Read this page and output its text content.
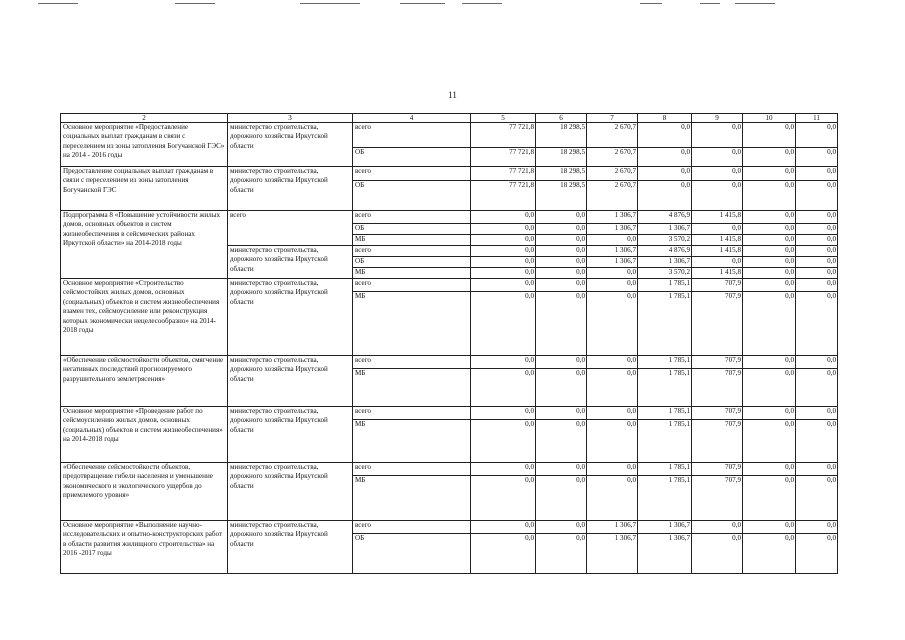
11
2	3	4	5	6	7	8	9	10	11
Основное мероприятие «Предоставление социальных выплат гражданам в связи с переселением из зоны затопления Богучанской ГЭС» на 2014 - 2016 годы	министерство строительства, дорожного хозяйства Иркутской области	всего	77 721,8	18 298,5	2 670,7	0,0	0,0	0,0	0,0
		ОБ	77 721,8	18 298,5	2 670,7	0,0	0,0	0,0	0,0
Предоставление социальных выплат гражданам в связи с переселением из зоны затопления Богучанской ГЭС	министерство строительства, дорожного хозяйства Иркутской области	всего	77 721,8	18 298,5	2 670,7	0,0	0,0	0,0	0,0
		ОБ	77 721,8	18 298,5	2 670,7	0,0	0,0	0,0	0,0
Подпрограмма 8 «Повышение устойчивости жилых домов, основных объектов и систем жизнеобеспечения в сейсмических районах Иркутской области» на 2014-2018 годы	всего	всего	0,0	0,0	1 306,7	4 876,9	1 415,8	0,0	0,0
		ОБ	0,0	0,0	1 306,7	1 306,7	0,0	0,0	0,0
		МБ	0,0	0,0	0,0	3 570,2	1 415,8	0,0	0,0
	министерство строительства, дорожного хозяйства Иркутской области	всего	0,0	0,0	1 306,7	4 876,9	1 415,8	0,0	0,0
		ОБ	0,0	0,0	1 306,7	1 306,7	0,0	0,0	0,0
		МБ	0,0	0,0	0,0	3 570,2	1 415,8	0,0	0,0
Основное мероприятие «Строительство сейсмостойких жилых домов, основных (социальных) объектов и систем жизнеобеспечения взамен тех, сейсмоусиление или реконструкция которых экономически нецелесообразно» на 2014-2018 годы	министерство строительства, дорожного хозяйства Иркутской области	всего	0,0	0,0	0,0	1 785,1	707,9	0,0	0,0
		МБ	0,0	0,0	0,0	1 785,1	707,9	0,0	0,0
«Обеспечение сейсмостойкости объектов, смягчение негативных последствий прогнозируемого разрушительного землетрясения»	министерство строительства, дорожного хозяйства Иркутской области	всего	0,0	0,0	0,0	1 785,1	707,9	0,0	0,0
		МБ	0,0	0,0	0,0	1 785,1	707,9	0,0	0,0
Основное мероприятие «Проведение работ по сейсмоусилению жилых домов, основных (социальных) объектов и систем жизнеобеспечения» на 2014-2018 годы	министерство строительства, дорожного хозяйства Иркутской области	всего	0,0	0,0	0,0	1 785,1	707,9	0,0	0,0
		МБ	0,0	0,0	0,0	1 785,1	707,9	0,0	0,0
«Обеспечение сейсмостойкости объектов, предотвращение гибели населения и уменьшение экономического и экологического ущербов до приемлемого уровня»	министерство строительства, дорожного хозяйства Иркутской области	всего	0,0	0,0	0,0	1 785,1	707,9	0,0	0,0
		МБ	0,0	0,0	0,0	1 785,1	707,9	0,0	0,0
Основное мероприятие «Выполнение научно-исследовательских и опытно-конструкторских работ в области развития жилищного строительства» на 2016 -2017 годы	министерство строительства, дорожного хозяйства Иркутской области	всего	0,0	0,0	1 306,7	1 306,7	0,0	0,0	0,0
		ОБ	0,0	0,0	1 306,7	1 306,7	0,0	0,0	0,0
